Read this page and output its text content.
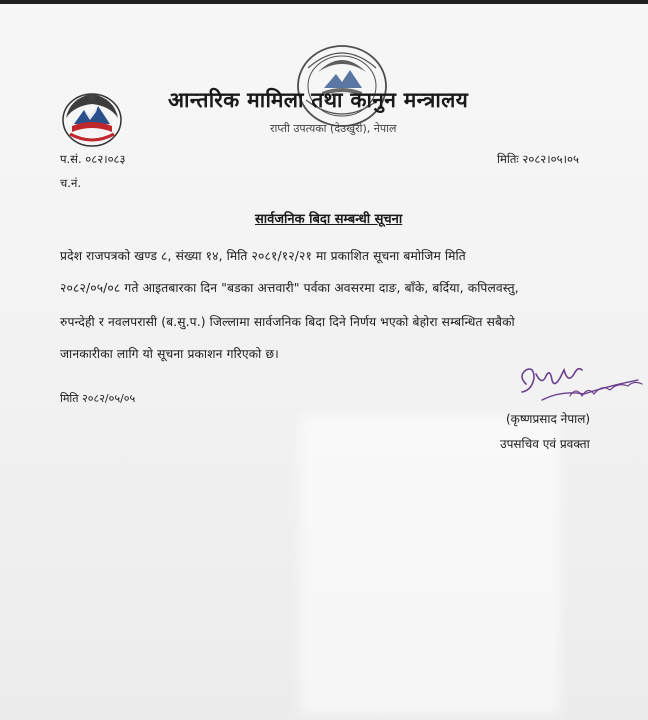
आन्तरिक मामिला तथा कानुन मन्त्रालय
राप्ती उपत्यका (देउखुरी), नेपाल
प.सं. ०८२।०८३
च.नं.
मितिः २०८२।०५।०५
सार्वजनिक बिदा सम्बन्धी सूचना
प्रदेश राजपत्रको खण्ड ८, संख्या १४, मिति २०८१/१२/२१ मा प्रकाशित सूचना बमोजिम मिति
२०८२/०५/०८ गते आइतबारका दिन "बडका अत्तवारी" पर्वका अवसरमा दाङ, बाँके, बर्दिया, कपिलवस्तु,
रुपन्देही र नवलपरासी (ब.सु.प.) जिल्लामा सार्वजनिक बिदा दिने निर्णय भएको बेहोरा सम्बन्धित सबैको
जानकारीका लागि यो सूचना प्रकाशन गरिएको छ।
मिति २०८२/०५/०५
(कृष्णप्रसाद नेपाल)
उपसचिव एवं प्रवक्ता
